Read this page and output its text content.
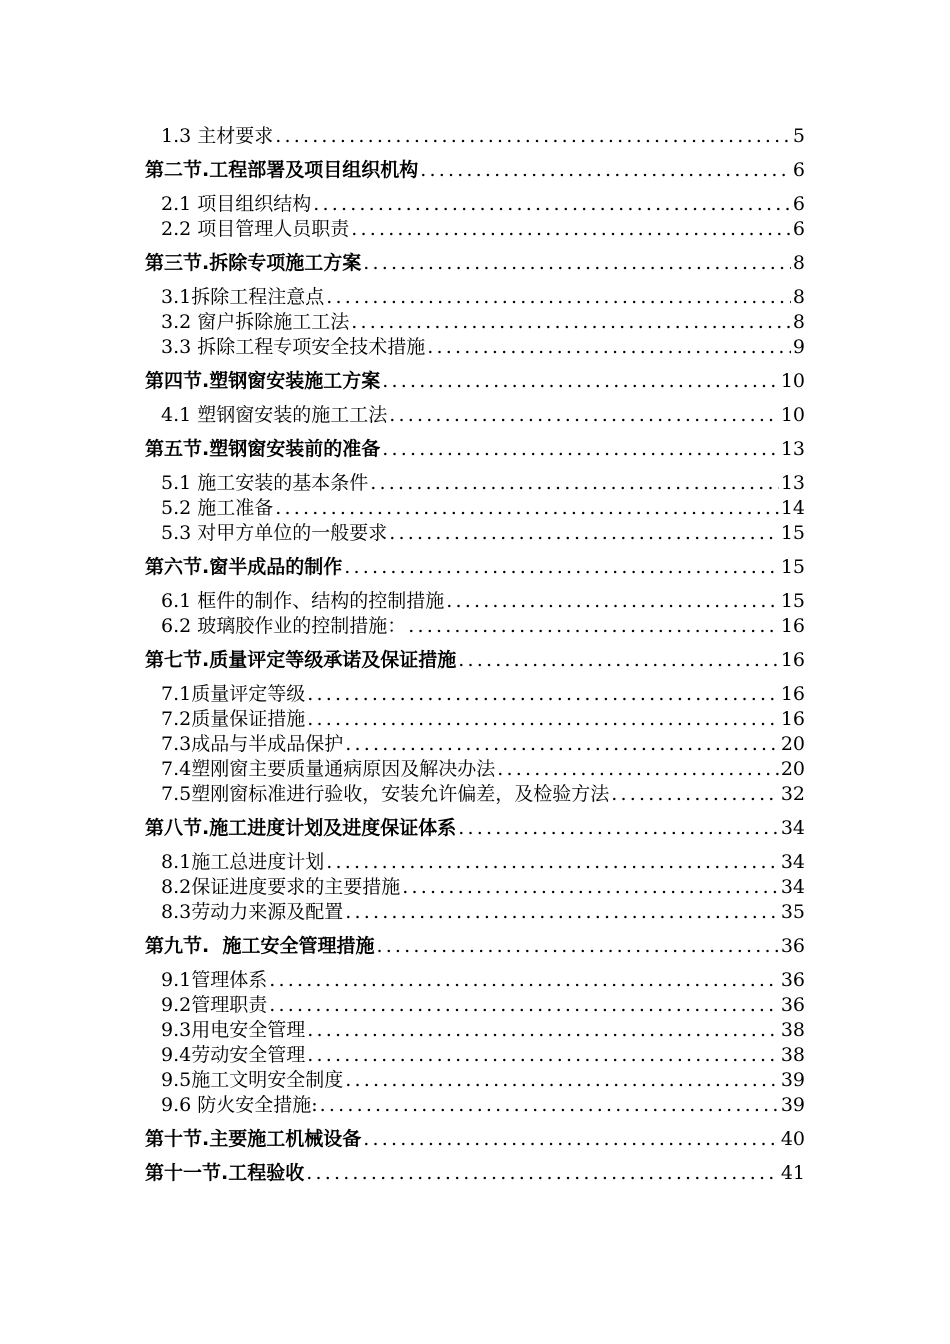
1.3 主材要求 .....	5
第二节. 工程部署及项目组织机构 .....	6
2.1 项目组织结构 .....	6
2.2 项目管理人员职责 .....	6
第三节. 拆除专项施工方案 .....	8
3.1 拆除工程注意点 .....	8
3.2 窗户拆除施工工法 .....	8
3.3 拆除工程专项安全技术措施 .....	9
第四节. 塑钢窗安装施工方案 .....	10
4.1 塑钢窗安装的施工工法 .....	10
第五节. 塑钢窗安装前的准备 .....	13
5.1 施工安装的基本条件 .....	13
5.2 施工准备 .....	14
5.3 对甲方单位的一般要求 .....	15
第六节. 窗半成品的制作 .....	15
6.1 框件的制作、结构的控制措施 .....	15
6.2 玻璃胶作业的控制措施： .....	16
第七节. 质量评定等级承诺及保证措施 .....	16
7.1 质量评定等级 .....	16
7.2 质量保证措施 .....	16
7.3 成品与半成品保护 .....	20
7.4 塑刚窗主要质量通病原因及解决办法 .....	20
7.5 塑刚窗标准进行验收，安装允许偏差，及检验方法 .....	32
第八节. 施工进度计划及进度保证体系 .....	34
8.1 施工总进度计划 .....	34
8.2 保证进度要求的主要措施 .....	34
8.3 劳动力来源及配置 .....	35
第九节. 施工安全管理措施 .....	36
9.1 管理体系 .....	36
9.2 管理职责 .....	36
9.3 用电安全管理 .....	38
9.4 劳动安全管理 .....	38
9.5 施工文明安全制度 .....	39
9.6 防火安全措施: .....	39
第十节. 主要施工机械设备 .....	40
第十一节. 工程验收 .....	41
